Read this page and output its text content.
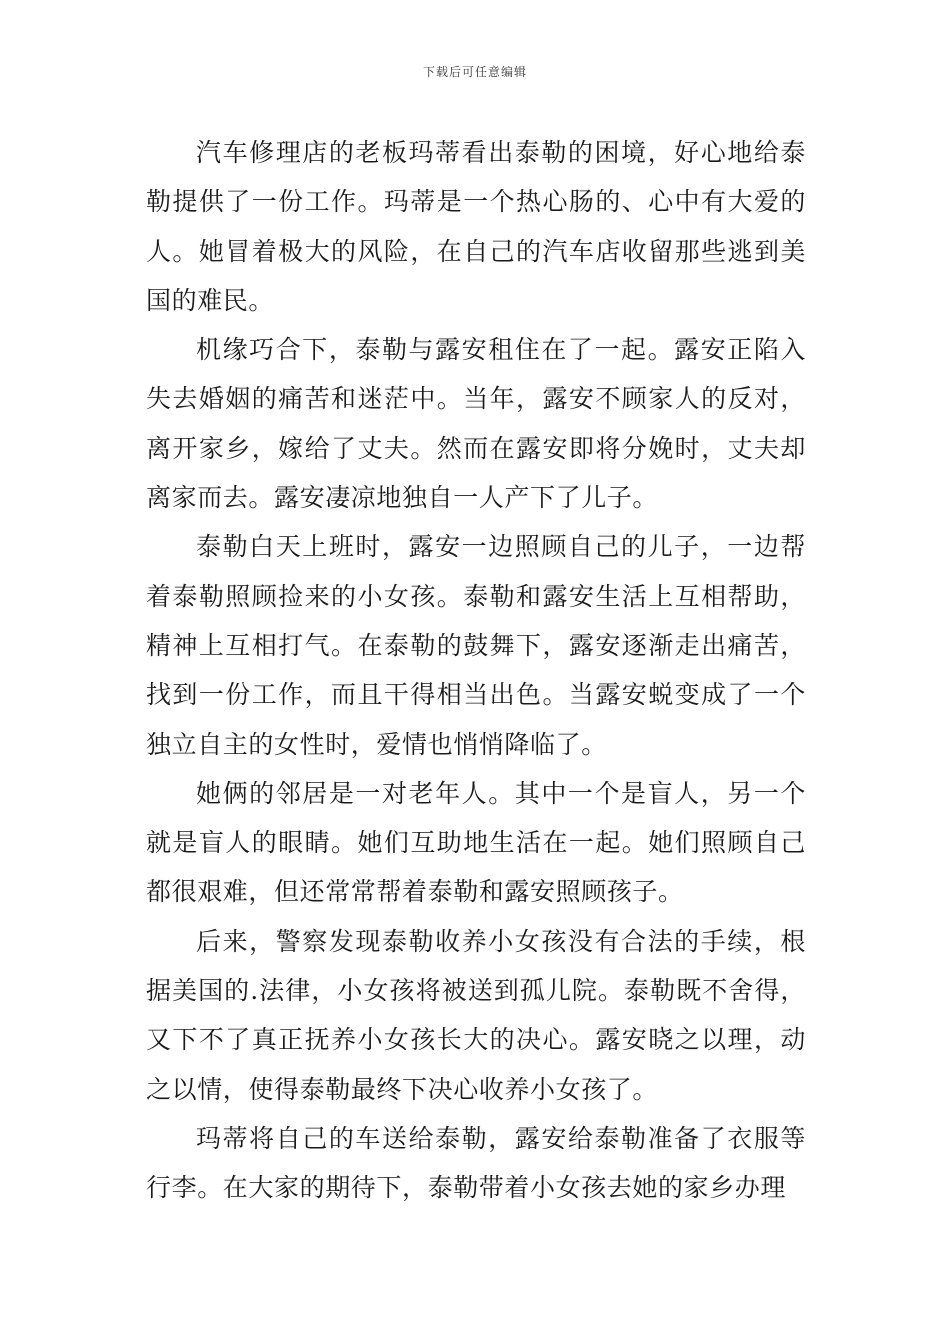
下载后可任意编辑

汽车修理店的老板玛蒂看出泰勒的困境，好心地给泰勒提供了一份工作。玛蒂是一个热心肠的、心中有大爱的人。她冒着极大的风险，在自己的汽车店收留那些逃到美国的难民。

机缘巧合下，泰勒与露安租住在了一起。露安正陷入失去婚姻的痛苦和迷茫中。当年，露安不顾家人的反对，离开家乡，嫁给了丈夫。然而在露安即将分娩时，丈夫却离家而去。露安凄凉地独自一人产下了儿子。

泰勒白天上班时，露安一边照顾自己的儿子，一边帮着泰勒照顾捡来的小女孩。泰勒和露安生活上互相帮助，精神上互相打气。在泰勒的鼓舞下，露安逐渐走出痛苦，找到一份工作，而且干得相当出色。当露安蜕变成了一个独立自主的女性时，爱情也悄悄降临了。

她俩的邻居是一对老年人。其中一个是盲人，另一个就是盲人的眼睛。她们互助地生活在一起。她们照顾自己都很艰难，但还常常帮着泰勒和露安照顾孩子。

后来，警察发现泰勒收养小女孩没有合法的手续，根据美国的.法律，小女孩将被送到孤儿院。泰勒既不舍得，又下不了真正抚养小女孩长大的决心。露安晓之以理，动之以情，使得泰勒最终下决心收养小女孩了。

玛蒂将自己的车送给泰勒，露安给泰勒准备了衣服等行李。在大家的期待下，泰勒带着小女孩去她的家乡办理
